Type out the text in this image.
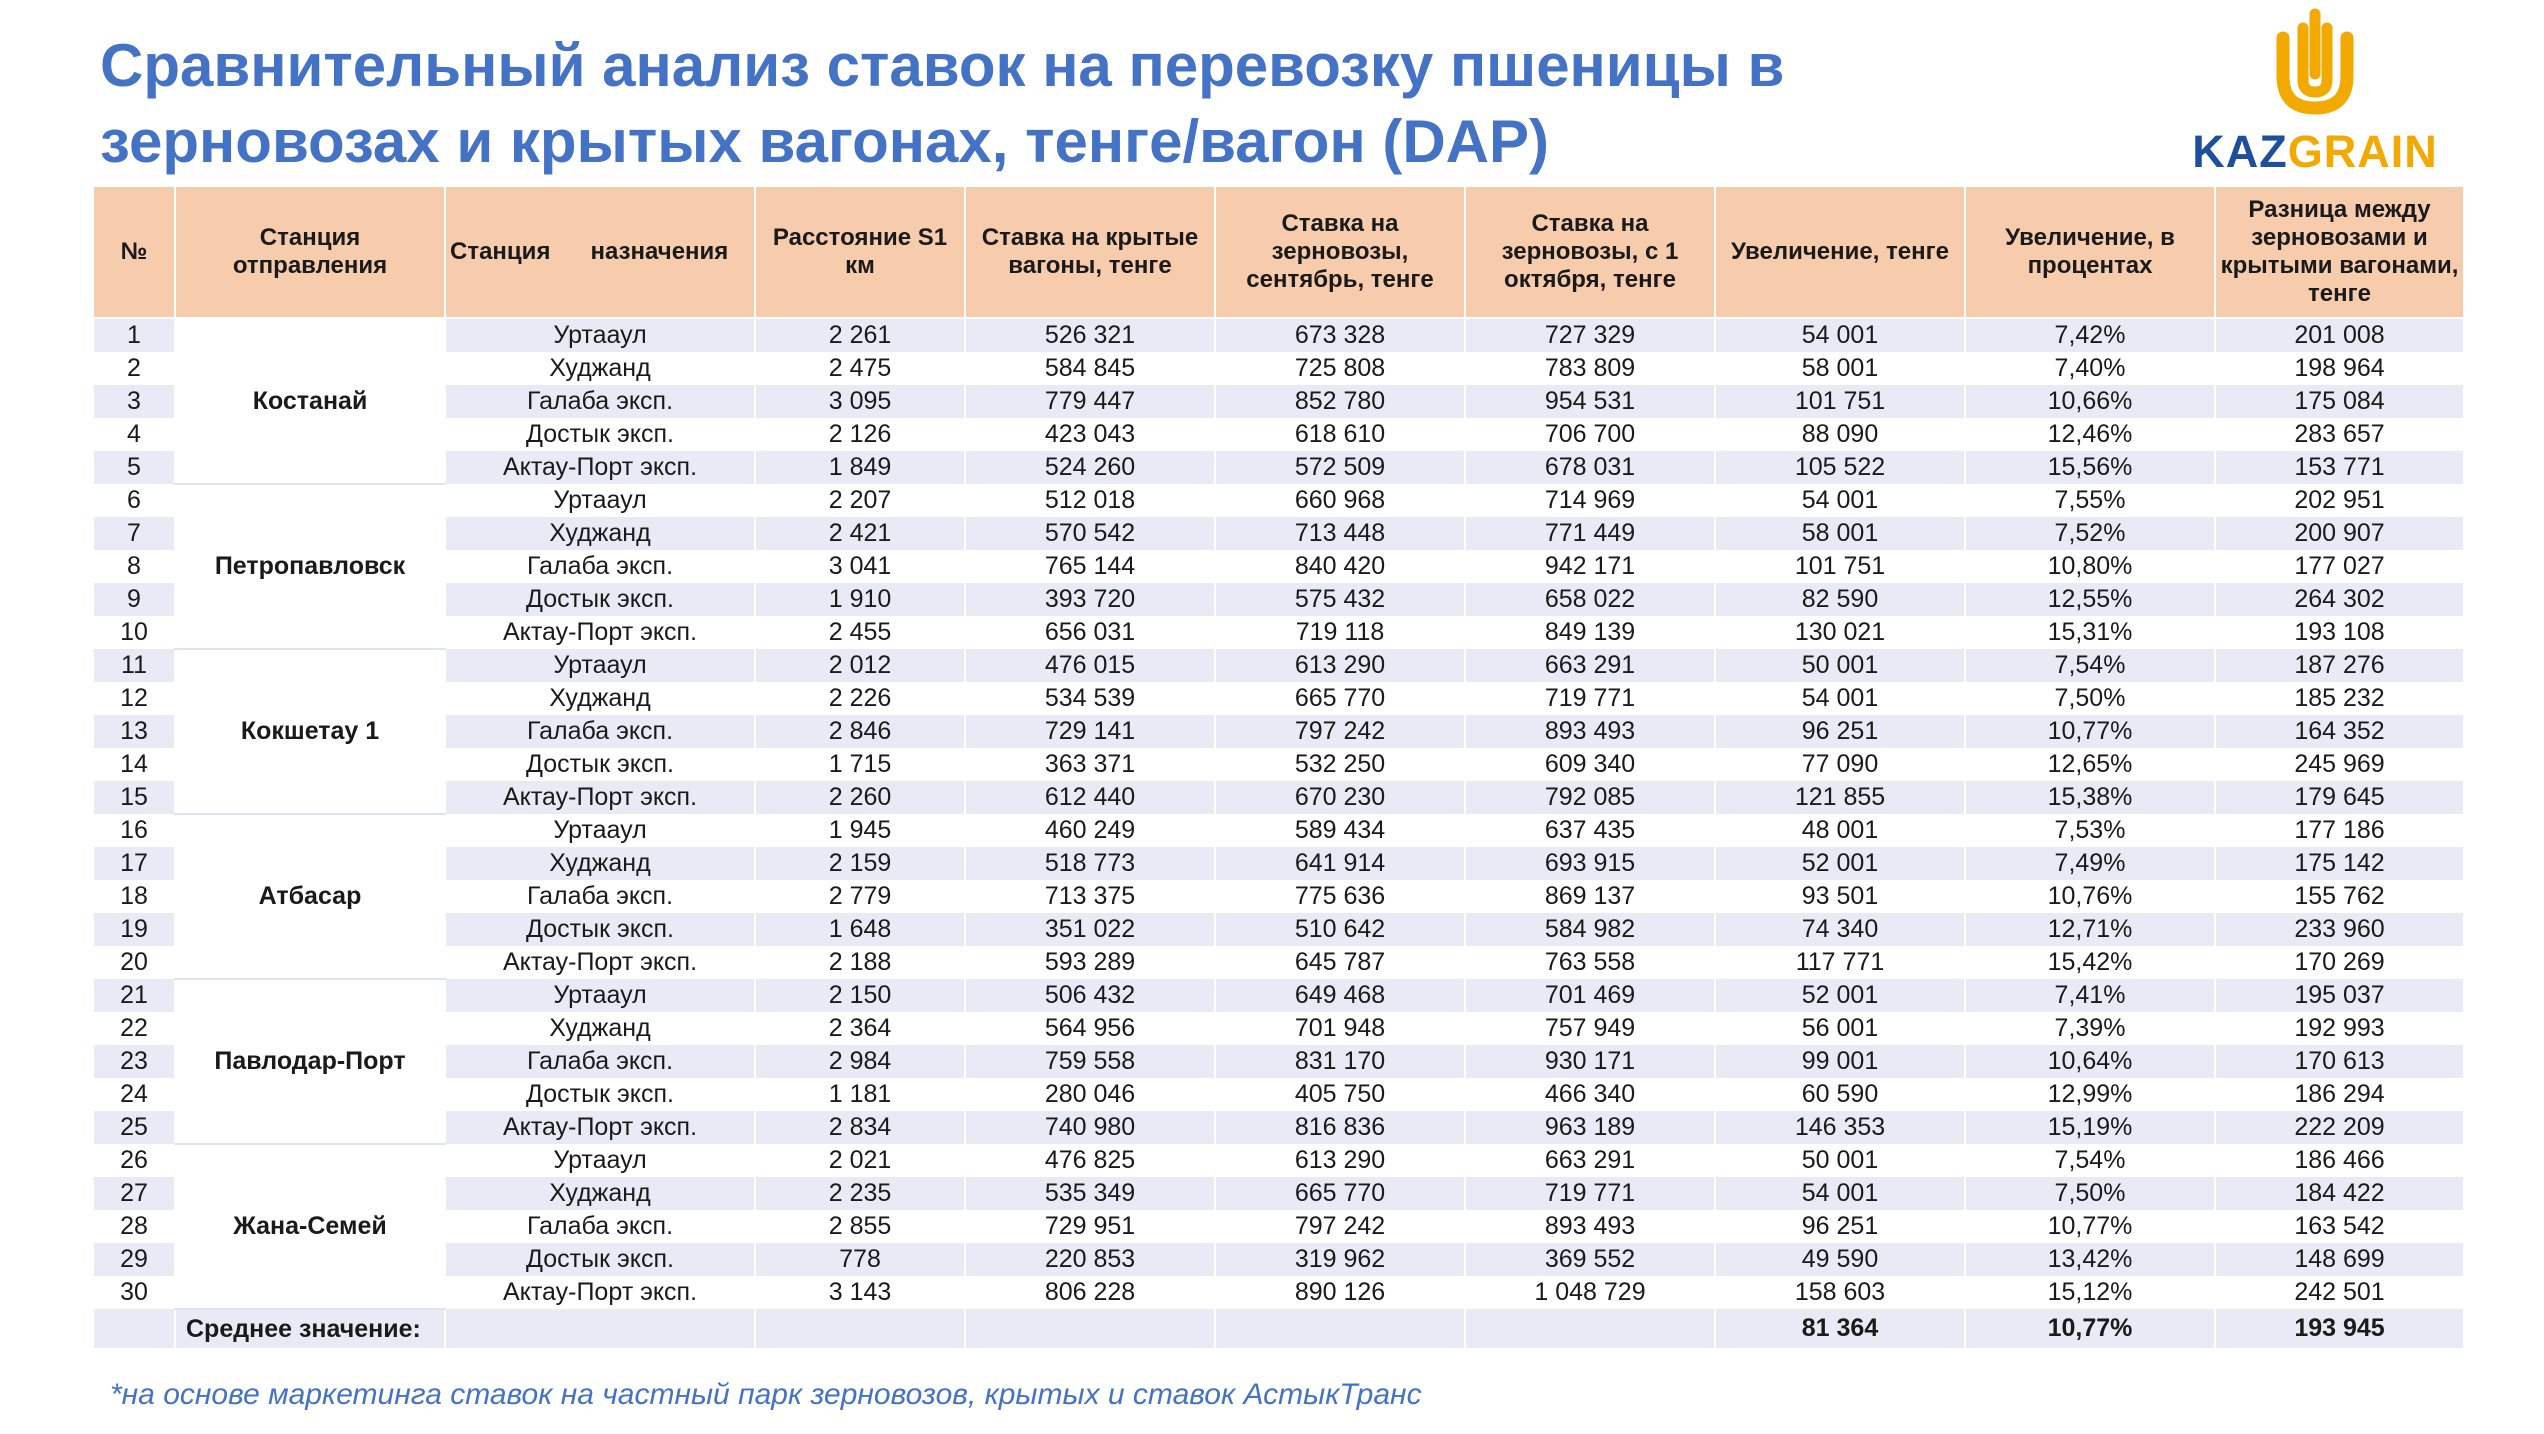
Сравнительный анализ ставок на перевозку пшеницы в зерновозах и крытых вагонах, тенге/вагон (DAP)	KAZGRAIN
№	Станция отправления	Станция      назначения	Расстояние S1 км	Ставка на крытые вагоны, тенге	Ставка на зерновозы, сентябрь, тенге	Ставка на зерновозы, с 1 октября, тенге	Увеличение, тенге	Увеличение, в процентах	Разница между зерновозами и крытыми вагонами, тенге
1	Костанай	Уртааул	2 261	526 321	673 328	727 329	54 001	7,42%	201 008
2		Худжанд	2 475	584 845	725 808	783 809	58 001	7,40%	198 964
3		Галаба эксп.	3 095	779 447	852 780	954 531	101 751	10,66%	175 084
4		Достык эксп.	2 126	423 043	618 610	706 700	88 090	12,46%	283 657
5		Актау-Порт эксп.	1 849	524 260	572 509	678 031	105 522	15,56%	153 771
6	Петропавловск	Уртааул	2 207	512 018	660 968	714 969	54 001	7,55%	202 951
7		Худжанд	2 421	570 542	713 448	771 449	58 001	7,52%	200 907
8		Галаба эксп.	3 041	765 144	840 420	942 171	101 751	10,80%	177 027
9		Достык эксп.	1 910	393 720	575 432	658 022	82 590	12,55%	264 302
10		Актау-Порт эксп.	2 455	656 031	719 118	849 139	130 021	15,31%	193 108
11	Кокшетау 1	Уртааул	2 012	476 015	613 290	663 291	50 001	7,54%	187 276
12		Худжанд	2 226	534 539	665 770	719 771	54 001	7,50%	185 232
13		Галаба эксп.	2 846	729 141	797 242	893 493	96 251	10,77%	164 352
14		Достык эксп.	1 715	363 371	532 250	609 340	77 090	12,65%	245 969
15		Актау-Порт эксп.	2 260	612 440	670 230	792 085	121 855	15,38%	179 645
16	Атбасар	Уртааул	1 945	460 249	589 434	637 435	48 001	7,53%	177 186
17		Худжанд	2 159	518 773	641 914	693 915	52 001	7,49%	175 142
18		Галаба эксп.	2 779	713 375	775 636	869 137	93 501	10,76%	155 762
19		Достык эксп.	1 648	351 022	510 642	584 982	74 340	12,71%	233 960
20		Актау-Порт эксп.	2 188	593 289	645 787	763 558	117 771	15,42%	170 269
21	Павлодар-Порт	Уртааул	2 150	506 432	649 468	701 469	52 001	7,41%	195 037
22		Худжанд	2 364	564 956	701 948	757 949	56 001	7,39%	192 993
23		Галаба эксп.	2 984	759 558	831 170	930 171	99 001	10,64%	170 613
24		Достык эксп.	1 181	280 046	405 750	466 340	60 590	12,99%	186 294
25		Актау-Порт эксп.	2 834	740 980	816 836	963 189	146 353	15,19%	222 209
26	Жана-Семей	Уртааул	2 021	476 825	613 290	663 291	50 001	7,54%	186 466
27		Худжанд	2 235	535 349	665 770	719 771	54 001	7,50%	184 422
28		Галаба эксп.	2 855	729 951	797 242	893 493	96 251	10,77%	163 542
29		Достык эксп.	778	220 853	319 962	369 552	49 590	13,42%	148 699
30		Актау-Порт эксп.	3 143	806 228	890 126	1 048 729	158 603	15,12%	242 501
	Среднее значение:						81 364	10,77%	193 945
*на основе маркетинга ставок на частный парк зерновозов, крытых и ставок АстыкТранс
